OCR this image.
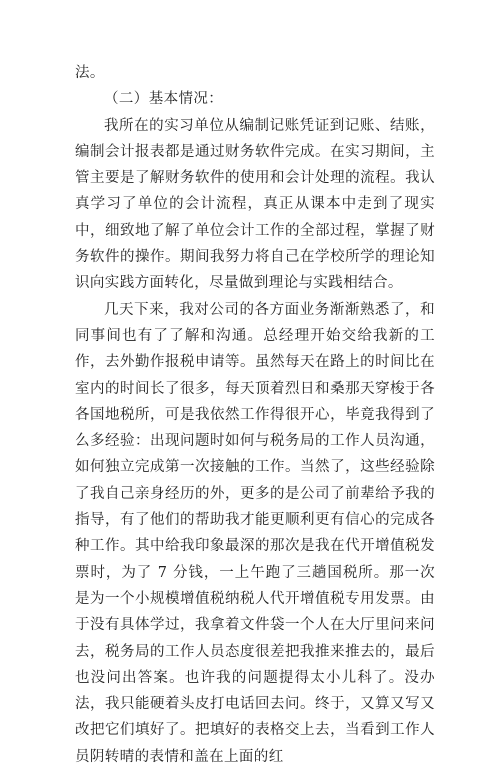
法。

（二）基本情况：

我所在的实习单位从编制记账凭证到记账、结账，编制会计报表都是通过财务软件完成。在实习期间，主管主要是了解财务软件的使用和会计处理的流程。我认真学习了单位的会计流程，真正从课本中走到了现实中，细致地了解了单位会计工作的全部过程，掌握了财务软件的操作。期间我努力将自己在学校所学的理论知识向实践方面转化，尽量做到理论与实践相结合。

几天下来，我对公司的各方面业务渐渐熟悉了，和同事间也有了了解和沟通。总经理开始交给我新的工作，去外勤作报税申请等。虽然每天在路上的时间比在室内的时间长了很多，每天顶着烈日和桑那天穿梭于各各国地税所，可是我依然工作得很开心，毕竟我得到了么多经验：出现问题时如何与税务局的工作人员沟通，如何独立完成第一次接触的工作。当然了，这些经验除了我自己亲身经历的外，更多的是公司了前辈给予我的指导，有了他们的帮助我才能更顺利更有信心的完成各种工作。其中给我印象最深的那次是我在代开增值税发票时，为了 7 分钱，一上午跑了三趟国税所。那一次是为一个小规模增值税纳税人代开增值税专用发票。由于没有具体学过，我拿着文件袋一个人在大厅里问来问去，税务局的工作人员态度很差把我推来推去的，最后也没问出答案。也许我的问题提得太小儿科了。没办法，我只能硬着头皮打电话回去问。终于，又算又写又改把它们填好了。把填好的表格交上去，当看到工作人员阴转晴的表情和盖在上面的红
